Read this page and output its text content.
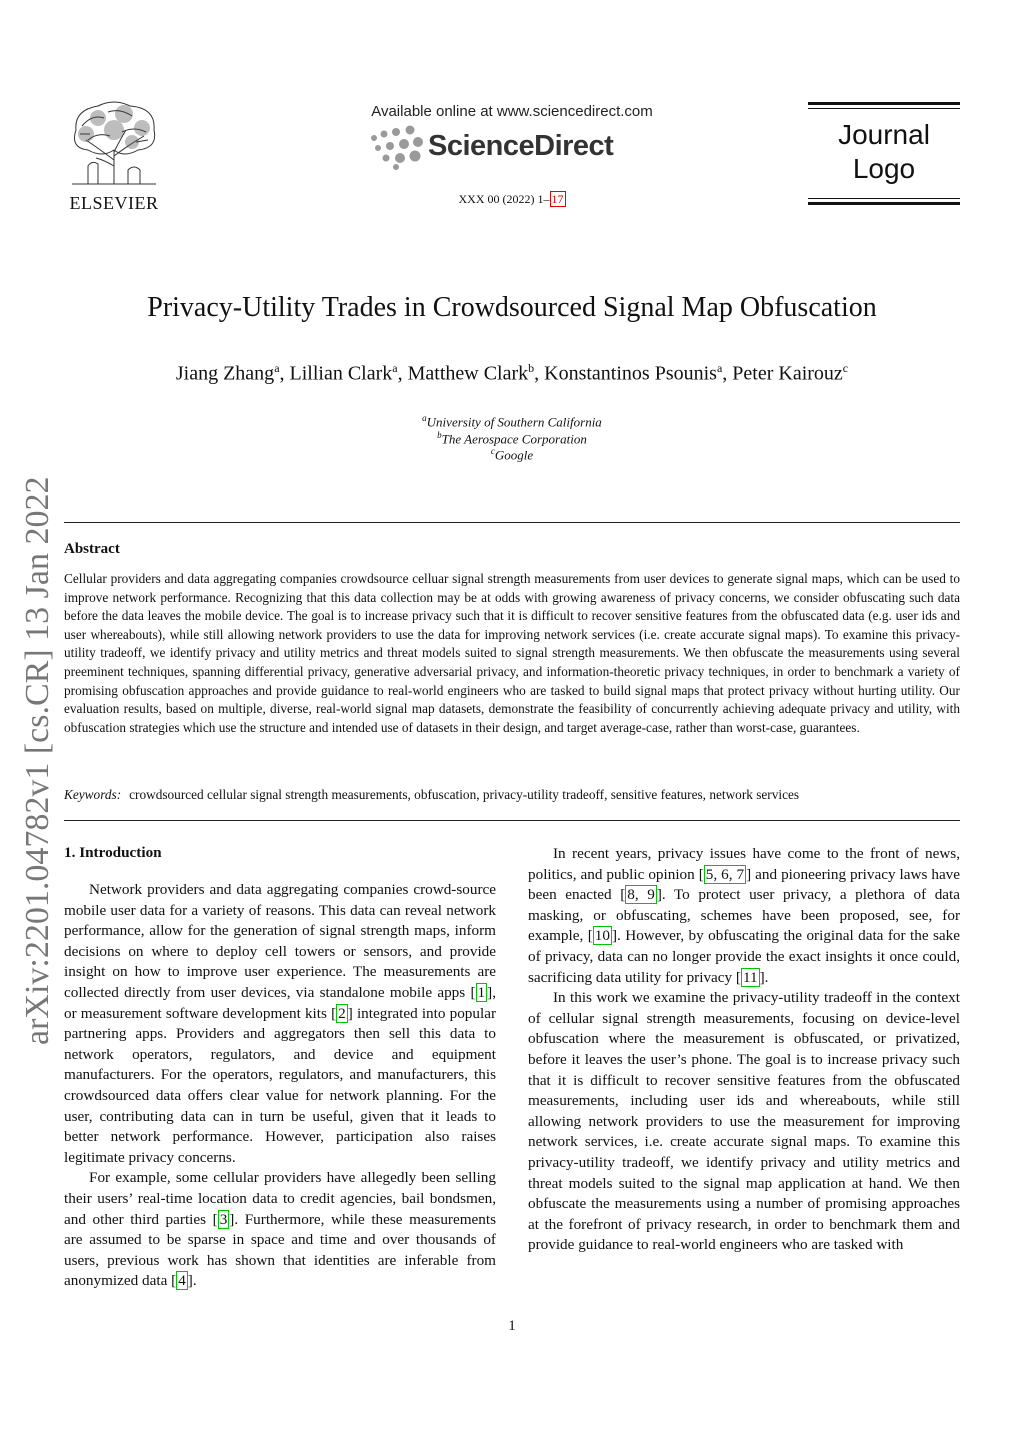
ELSEVIER
Available online at www.sciencedirect.com
ScienceDirect
XXX 00 (2022) 1– 17
Journal
Logo
Privacy-Utility Trades in Crowdsourced Signal Map Obfuscation
Jiang Zhang$^a$, Lillian Clark$^a$, Matthew Clark$^b$, Konstantinos Psounis$^a$, Peter Kairouz$^c$
$^a$University of Southern California
$^b$The Aerospace Corporation
$^c$Google
arXiv:2201.04782v1 [cs.CR] 13 Jan 2022 Abstract
Cellular providers and data aggregating companies crowdsource celluar signal strength measurements from user devices to generate signal maps, which can be used to improve network performance. Recognizing that this data collection may be at odds with growing awareness of privacy concerns, we consider obfuscating such data before the data leaves the mobile device. The goal is to increase privacy such that it is difficult to recover sensitive features from the obfuscated data (e.g. user ids and user whereabouts), while still allowing network providers to use the data for improving network services (i.e. create accurate signal maps). To examine this privacy-utility tradeoff, we identify privacy and utility metrics and threat models suited to signal strength measurements. We then obfuscate the measurements using several preeminent techniques, spanning differential privacy, generative adversarial privacy, and information-theoretic privacy techniques, in order to benchmark a variety of promising obfuscation approaches and provide guidance to real-world engineers who are tasked to build signal maps that protect privacy without hurting utility. Our evaluation results, based on multiple, diverse, real-world signal map datasets, demonstrate the feasibility of concurrently achieving adequate privacy and utility, with obfuscation strategies which use the structure and intended use of datasets in their design, and target average-case, rather than worst-case, guarantees.
Keywords: crowdsourced cellular signal strength measurements, obfuscation, privacy-utility tradeoff, sensitive features, network services
1. Introduction

Network providers and data aggregating companies crowd-source mobile user data for a variety of reasons. This data can reveal network performance, allow for the generation of signal strength maps, inform decisions on where to deploy cell towers or sensors, and provide insight on how to improve user experience. The measurements are collected directly from user devices, via standalone mobile apps [ 1 ], or measurement software development kits [ 2 ] integrated into popular partnering apps. Providers and aggregators then sell this data to network operators, regulators, and device and equipment manufacturers. For the operators, regulators, and manufacturers, this crowdsourced data offers clear value for network planning. For the user, contributing data can in turn be useful, given that it leads to better network performance. However, participation also raises legitimate privacy concerns.

For example, some cellular providers have allegedly been selling their users’ real-time location data to credit agencies, bail bondsmen, and other third parties [ 3 ]. Furthermore, while these measurements are assumed to be sparse in space and time and over thousands of users, previous work has shown that identities are inferable from anonymized data [ 4 ].

In recent years, privacy issues have come to the front of news, politics, and public opinion [ 5, 6, 7 ] and pioneering privacy laws have been enacted [ 8, 9 ]. To protect user privacy, a plethora of data masking, or obfuscating, schemes have been proposed, see, for example, [ 10 ]. However, by obfuscating the original data for the sake of privacy, data can no longer provide the exact insights it once could, sacrificing data utility for privacy [ 11 ].

In this work we examine the privacy-utility tradeoff in the context of cellular signal strength measurements, focusing on device-level obfuscation where the measurement is obfuscated, or privatized, before it leaves the user’s phone. The goal is to increase privacy such that it is difficult to recover sensitive features from the obfuscated measurements, including user ids and whereabouts, while still allowing network providers to use the measurement for improving network services, i.e. create accurate signal maps. To examine this privacy-utility tradeoff, we identify privacy and utility metrics and threat models suited to the signal map application at hand. We then obfuscate the measurements using a number of promising approaches at the forefront of privacy research, in order to benchmark them and provide guidance to real-world engineers who are tasked with

1
